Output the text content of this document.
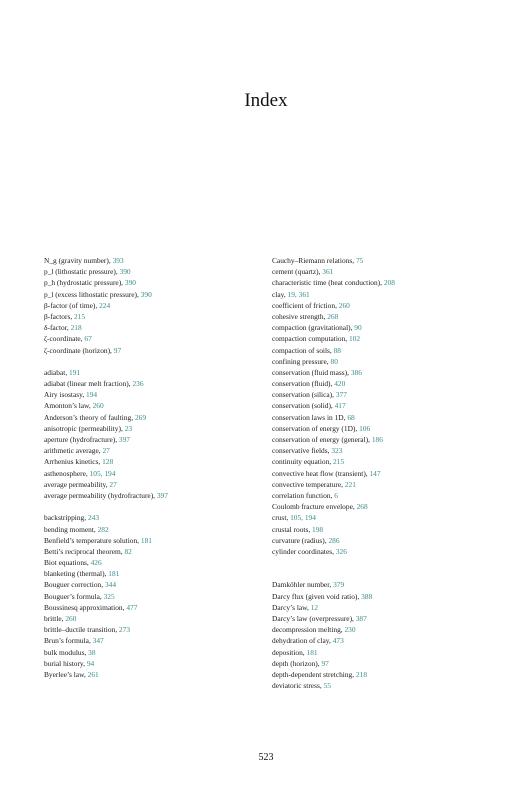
Index
N_g (gravity number), 393
p_l (lithostatic pressure), 390
p_h (hydrostatic pressure), 390
p_l (excess lithostatic pressure), 390
β-factor (of time), 224
β-factors, 215
δ-factor, 218
ζ-coordinate, 67
ζ-coordinate (horizon), 97
adiabat, 191
adiabat (linear melt fraction), 236
Airy isostasy, 194
Amonton’s law, 260
Anderson’s theory of faulting, 269
anisotropic (permeability), 23
aperture (hydrofracture), 397
arithmetic average, 27
Arrhenius kinetics, 128
asthenosphere, 105, 194
average permeability, 27
average permeability (hydrofracture), 397
backstripping, 243
bending moment, 282
Benfield’s temperature solution, 181
Betti’s reciprocal theorem, 82
Biot equations, 426
blanketing (thermal), 181
Bouguer correction, 344
Bouguer’s formula, 325
Boussinesq approximation, 477
brittle, 260
brittle–ductile transition, 273
Brun’s formula, 347
bulk modulus, 38
burial history, 94
Byerlee’s law, 261
Cauchy–Riemann relations, 75
cement (quartz), 361
characteristic time (heat conduction), 208
clay, 19, 361
coefficient of friction, 260
cohesive strength, 268
compaction (gravitational), 90
compaction computation, 102
compaction of soils, 88
confining pressure, 80
conservation (fluid mass), 386
conservation (fluid), 420
conservation (silica), 377
conservation (solid), 417
conservation laws in 1D, 68
conservation of energy (1D), 106
conservation of energy (general), 186
conservative fields, 323
continuity equation, 215
convective heat flow (transient), 147
convective temperature, 221
correlation function, 6
Coulomb fracture envelope, 268
crust, 105, 194
crustal roots, 198
curvature (radius), 286
cylinder coordinates, 326
Damköhler number, 379
Darcy flux (given void ratio), 388
Darcy’s law, 12
Darcy’s law (overpressure), 387
decompression melting, 230
dehydration of clay, 473
deposition, 181
depth (horizon), 97
depth-dependent stretching, 218
deviatoric stress, 55
523
